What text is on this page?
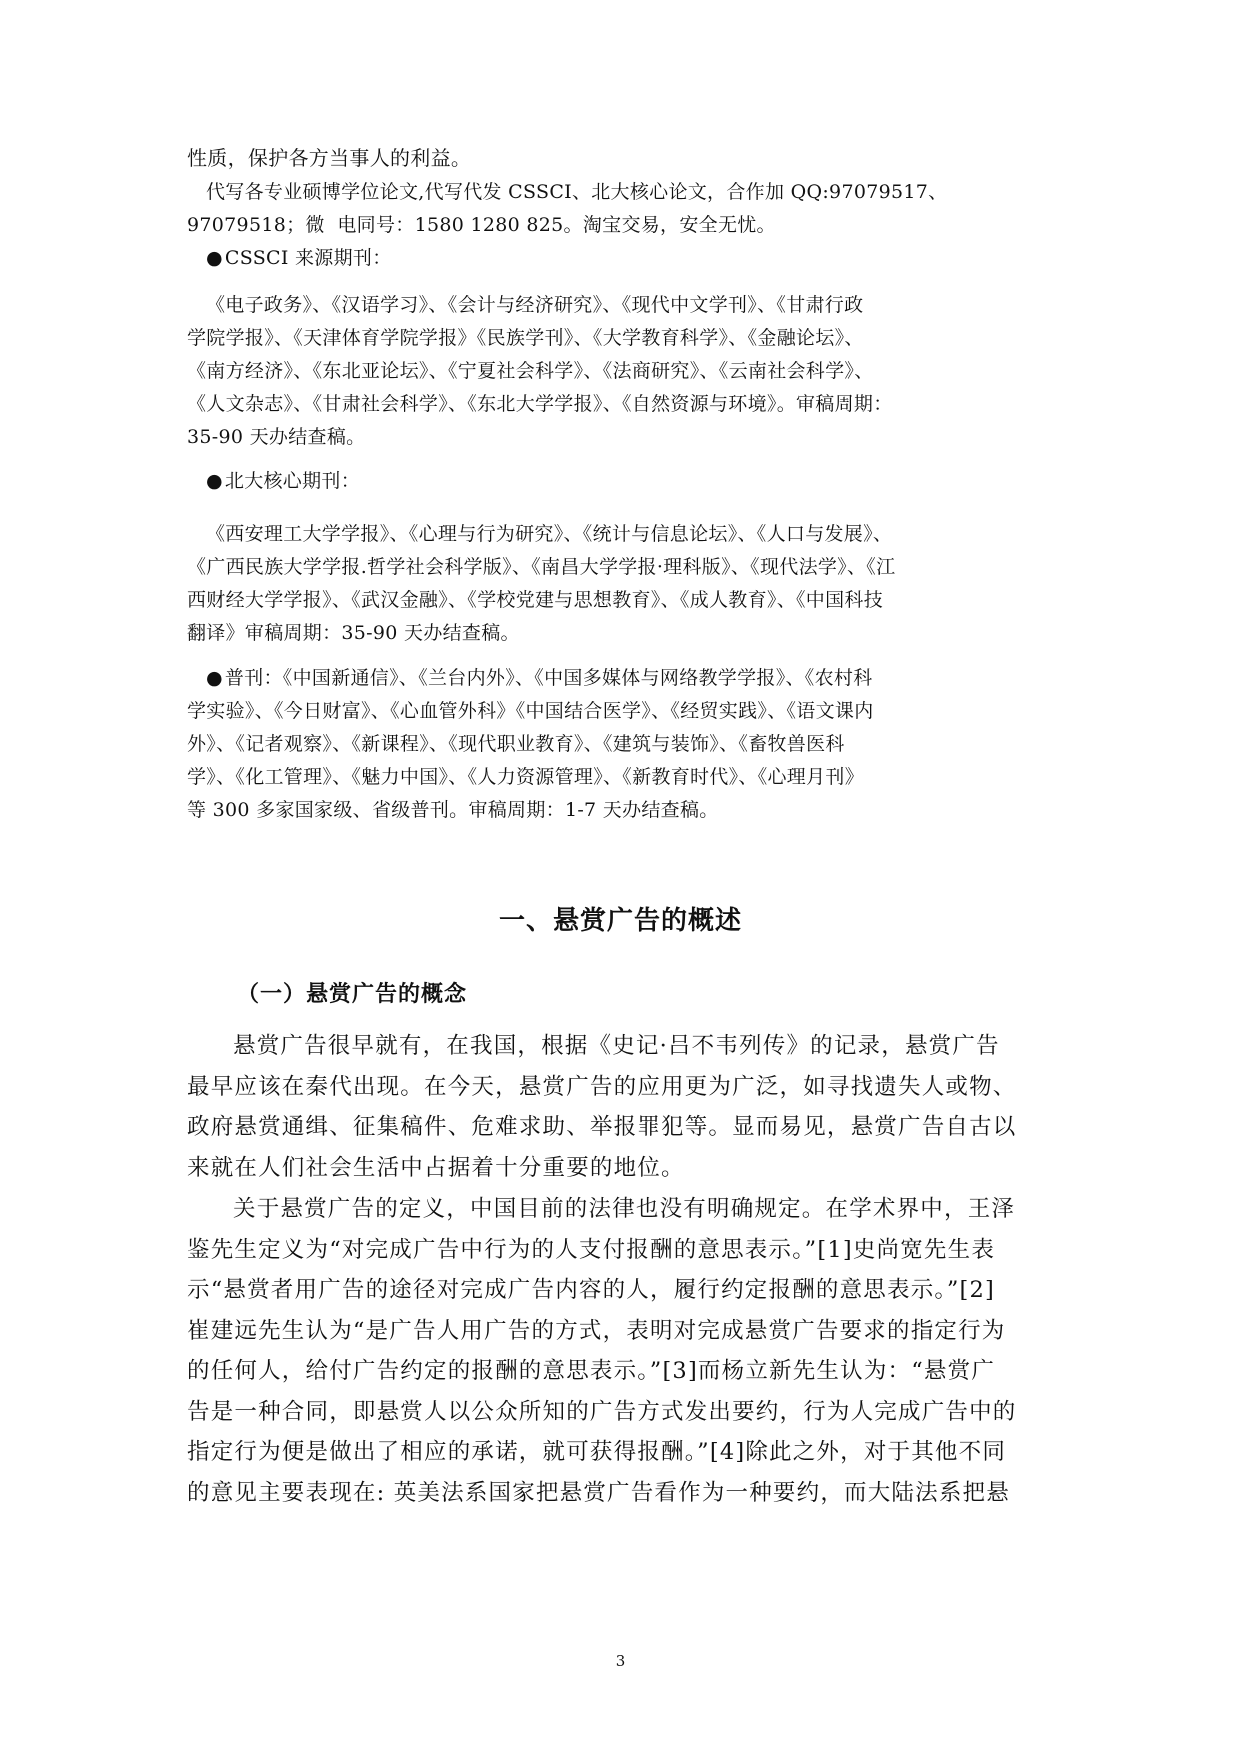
性质，保护各方当事人的利益。

代写各专业硕博学位论文,代写代发 CSSCI、北大核心论文，合作加 QQ:97079517、

97079518；微  电同号：1580 1280 825。淘宝交易，安全无忧。

● CSSCI 来源期刊：

《电子政务》、《汉语学习》、《会计与经济研究》、《现代中文学刊》、《甘肃行政

学院学报》、《天津体育学院学报》《民族学刊》、《大学教育科学》、《金融论坛》、

《南方经济》、《东北亚论坛》、《宁夏社会科学》、《法商研究》、《云南社会科学》、

《人文杂志》、《甘肃社会科学》、《东北大学学报》、《自然资源与环境》。审稿周期：

35-90 天办结查稿。

● 北大核心期刊：

《西安理工大学学报》、《心理与行为研究》、《统计与信息论坛》、《人口与发展》、

《广西民族大学学报.哲学社会科学版》、《南昌大学学报·理科版》、《现代法学》、《江

西财经大学学报》、《武汉金融》、《学校党建与思想教育》、《成人教育》、《中国科技

翻译》审稿周期：35-90 天办结查稿。

● 普刊：《中国新通信》、《兰台内外》、《中国多媒体与网络教学学报》、《农村科

学实验》、《今日财富》、《心血管外科》《中国结合医学》、《经贸实践》、《语文课内

外》、《记者观察》、《新课程》、《现代职业教育》、《建筑与装饰》、《畜牧兽医科

学》、《化工管理》、《魅力中国》、《人力资源管理》、《新教育时代》、《心理月刊》

等 300 多家国家级、省级普刊。审稿周期：1-7 天办结查稿。

一、悬赏广告的概述
（一）悬赏广告的概念

悬赏广告很早就有，在我国，根据《史记·吕不韦列传》的记录，悬赏广告

最早应该在秦代出现。在今天，悬赏广告的应用更为广泛，如寻找遗失人或物、

政府悬赏通缉、征集稿件、危难求助、举报罪犯等。显而易见，悬赏广告自古以

来就在人们社会生活中占据着十分重要的地位。

关于悬赏广告的定义，中国目前的法律也没有明确规定。在学术界中，王泽

鉴先生定义为“对完成广告中行为的人支付报酬的意思表示。”[1]史尚宽先生表

示“悬赏者用广告的途径对完成广告内容的人，履行约定报酬的意思表示。”[2]

崔建远先生认为“是广告人用广告的方式，表明对完成悬赏广告要求的指定行为

的任何人，给付广告约定的报酬的意思表示。”[3]而杨立新先生认为：“悬赏广

告是一种合同，即悬赏人以公众所知的广告方式发出要约，行为人完成广告中的

指定行为便是做出了相应的承诺，就可获得报酬。”[4]除此之外，对于其他不同

的意见主要表现在: 英美法系国家把悬赏广告看作为一种要约，而大陆法系把悬

3
